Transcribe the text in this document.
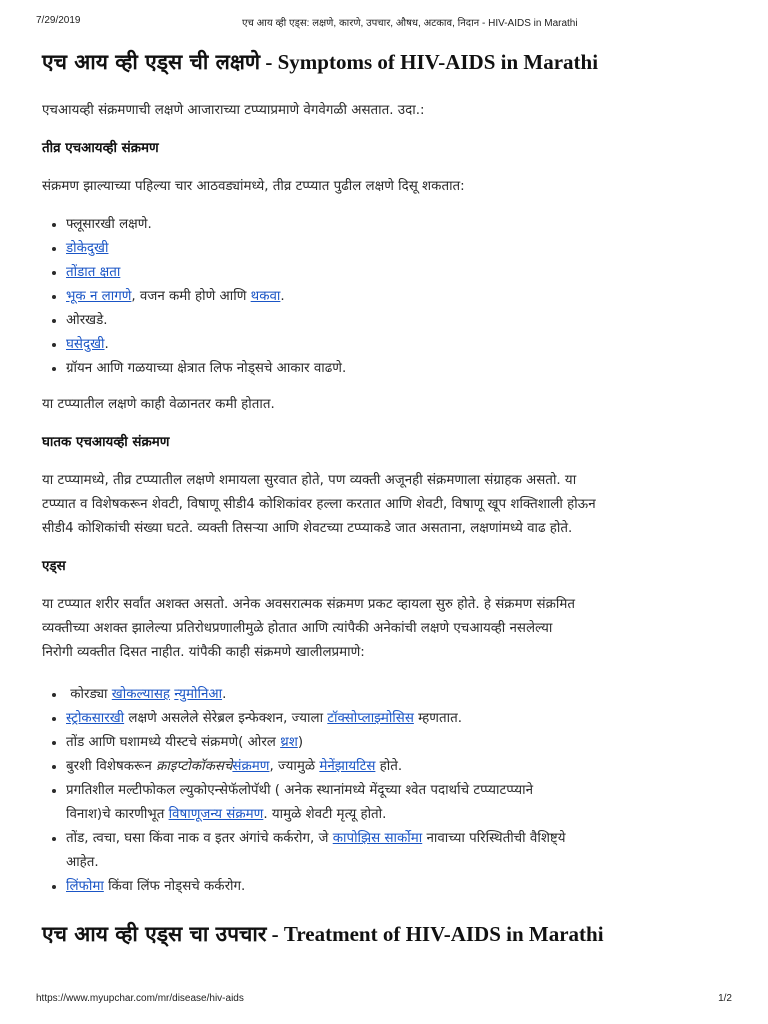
7/29/2019	एच आय व्ही एड्स: लक्षणे, कारणे, उपचार, औषध, अटकाव, निदान - HIV-AIDS in Marathi
एच आय व्ही एड्स ची लक्षणे - Symptoms of HIV-AIDS in Marathi

एचआयव्ही संक्रमणाची लक्षणे आजाराच्या टप्प्याप्रमाणे वेगवेगळी असतात. उदा.:

तीव्र एचआयव्ही संक्रमण

संक्रमण झाल्याच्या पहिल्या चार आठवड्यांमध्ये, तीव्र टप्प्यात पुढील लक्षणे दिसू शकतात:

• फ्लूसारखी लक्षणे.
• डोकेदुखी
• तोंडात क्षता
• भूक न लागणे, वजन कमी होणे आणि थकवा.
• ओरखडे.
• घसेदुखी.
• ग्रॉयन आणि गळयाच्या क्षेत्रात लिफ नोड्सचे आकार वाढणे.

या टप्प्यातील लक्षणे काही वेळानतर कमी होतात.

घातक एचआयव्ही संक्रमण

या टप्प्यामध्ये, तीव्र टप्प्यातील लक्षणे शमायला सुरवात होते, पण व्यक्ती अजूनही संक्रमणाला संग्राहक असतो. या
टप्प्यात व विशेषकरून शेवटी, विषाणू सीडी4 कोशिकांवर हल्ला करतात आणि शेवटी, विषाणू खूप शक्तिशाली होऊन
सीडी4 कोशिकांची संख्या घटते. व्यक्ती तिसर्‍या आणि शेवटच्या टप्प्याकडे जात असताना, लक्षणांमध्ये वाढ होते.

एड्स

या टप्प्यात शरीर सर्वांत अशक्त असतो. अनेक अवसरात्मक संक्रमण प्रकट व्हायला सुरु होते. हे संक्रमण संक्रमित
व्यक्तीच्या अशक्त झालेल्या प्रतिरोधप्रणालीमुळे होतात आणि त्यांपैकी अनेकांची लक्षणे एचआयव्ही नसलेल्या
निरोगी व्यक्तीत दिसत नाहीत. यांपैकी काही संक्रमणे खालीलप्रमाणे:

• कोरड्या खोकल्यासह न्युमोनिआ.
• स्ट्रोकसारखी लक्षणे असलेले सेरेब्रल इन्फेक्शन, ज्याला टॉक्सोप्लाझ्मोसिस म्हणतात.
• तोंड आणि घशामध्ये यीस्टचे संक्रमणे( ओरल थ्रश)
• बुरशी विशेषकरून क्राइप्टोकॉकसचेसंक्रमण, ज्यामुळे मेनेंझायटिस होते.
• प्रगतिशील मल्टीफोकल ल्युकोएन्सेफॅलोपॅथी ( अनेक स्थानांमध्ये मेंदूच्या श्वेत पदार्थाचे टप्प्याटप्प्याने
विनाश)चे कारणीभूत विषाणूजन्य संक्रमण. यामुळे शेवटी मृत्यू होतो.
• तोंड, त्वचा, घसा किंवा नाक व इतर अंगांचे कर्करोग, जे कापोझिस सार्कोमा नावाच्या परिस्थितीची वैशिष्ट्ये
आहेत.
• लिंफोमा किंवा लिंफ नोड्सचे कर्करोग.
एच आय व्ही एड्स चा उपचार - Treatment of HIV-AIDS in Marathi
https://www.myupchar.com/mr/disease/hiv-aids	1/2
